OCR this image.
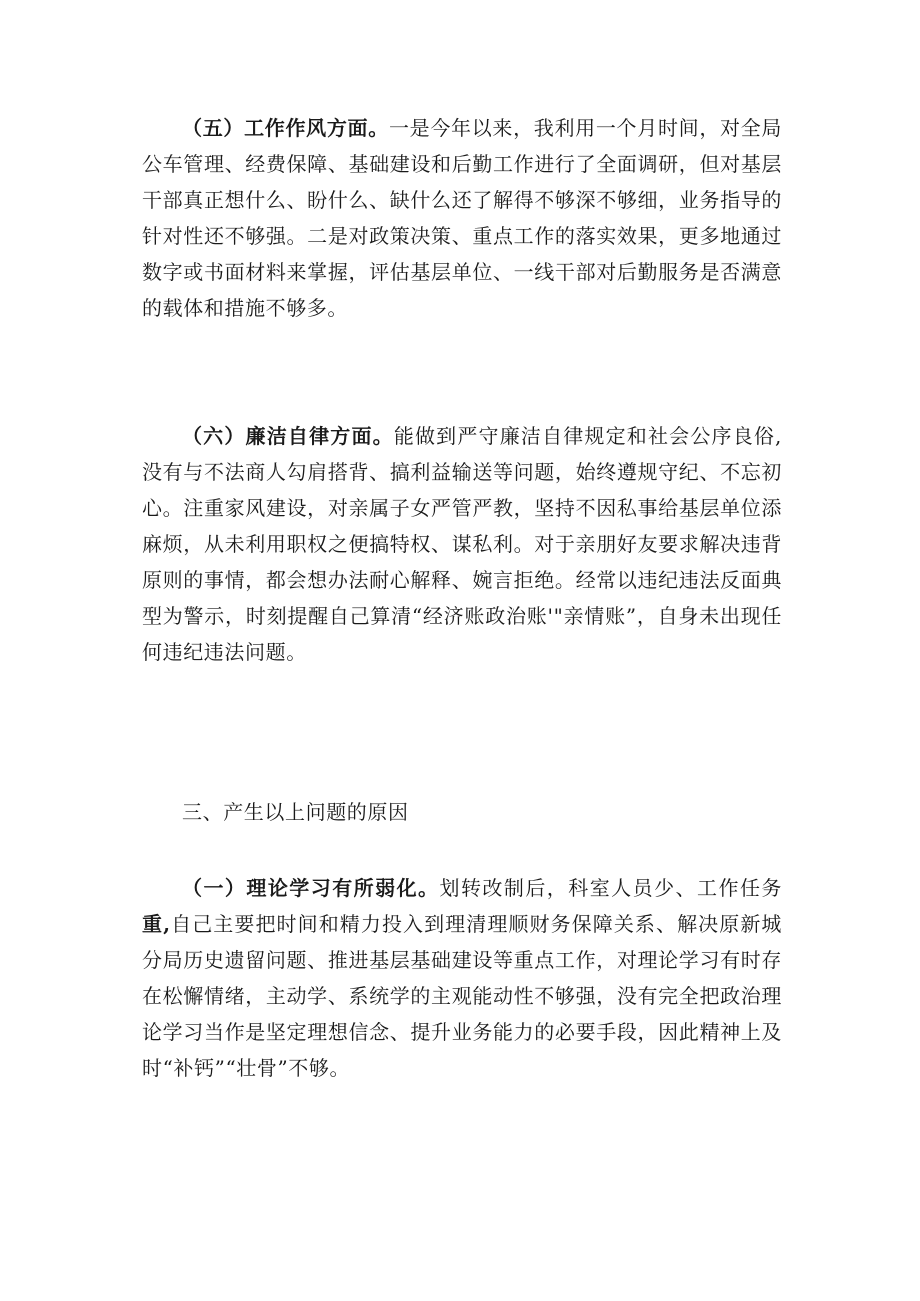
（五）工作作风方面。一是今年以来，我利用一个月时间，对全局公车管理、经费保障、基础建设和后勤工作进行了全面调研，但对基层干部真正想什么、盼什么、缺什么还了解得不够深不够细，业务指导的针对性还不够强。二是对政策决策、重点工作的落实效果，更多地通过数字或书面材料来掌握，评估基层单位、一线干部对后勤服务是否满意的载体和措施不够多。

（六）廉洁自律方面。能做到严守廉洁自律规定和社会公序良俗,没有与不法商人勾肩搭背、搞利益输送等问题，始终遵规守纪、不忘初心。注重家风建设，对亲属子女严管严教，坚持不因私事给基层单位添麻烦，从未利用职权之便搞特权、谋私利。对于亲朋好友要求解决违背原则的事情，都会想办法耐心解释、婉言拒绝。经常以违纪违法反面典型为警示，时刻提醒自己算清“经济账政治账'"亲情账”，自身未出现任何违纪违法问题。

三、产生以上问题的原因

（一）理论学习有所弱化。划转改制后，科室人员少、工作任务重,自己主要把时间和精力投入到理清理顺财务保障关系、解决原新城分局历史遗留问题、推进基层基础建设等重点工作，对理论学习有时存在松懈情绪，主动学、系统学的主观能动性不够强，没有完全把政治理论学习当作是坚定理想信念、提升业务能力的必要手段，因此精神上及时“补钙”“壮骨”不够。
